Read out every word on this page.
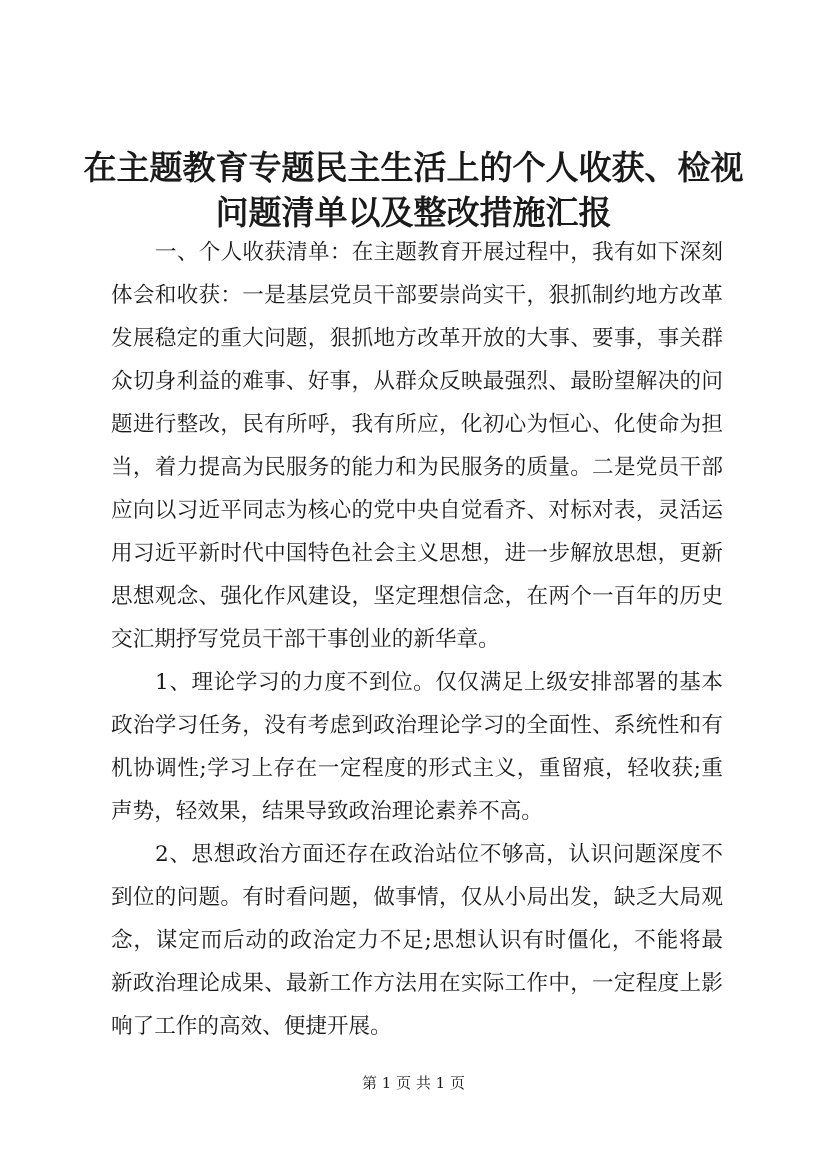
在主题教育专题民主生活上的个人收获、检视
问题清单以及整改措施汇报
一、个人收获清单：在主题教育开展过程中，我有如下深刻
体会和收获：一是基层党员干部要崇尚实干，狠抓制约地方改革
发展稳定的重大问题，狠抓地方改革开放的大事、要事，事关群
众切身利益的难事、好事，从群众反映最强烈、最盼望解决的问
题进行整改，民有所呼，我有所应，化初心为恒心、化使命为担
当，着力提高为民服务的能力和为民服务的质量。二是党员干部
应向以习近平同志为核心的党中央自觉看齐、对标对表，灵活运
用习近平新时代中国特色社会主义思想，进一步解放思想，更新
思想观念、强化作风建设，坚定理想信念，在两个一百年的历史
交汇期抒写党员干部干事创业的新华章。
1、理论学习的力度不到位。仅仅满足上级安排部署的基本
政治学习任务，没有考虑到政治理论学习的全面性、系统性和有
机协调性;学习上存在一定程度的形式主义，重留痕，轻收获;重
声势，轻效果，结果导致政治理论素养不高。
2、思想政治方面还存在政治站位不够高，认识问题深度不
到位的问题。有时看问题，做事情，仅从小局出发，缺乏大局观
念，谋定而后动的政治定力不足;思想认识有时僵化，不能将最
新政治理论成果、最新工作方法用在实际工作中，一定程度上影
响了工作的高效、便捷开展。
第 1 页 共 1 页
